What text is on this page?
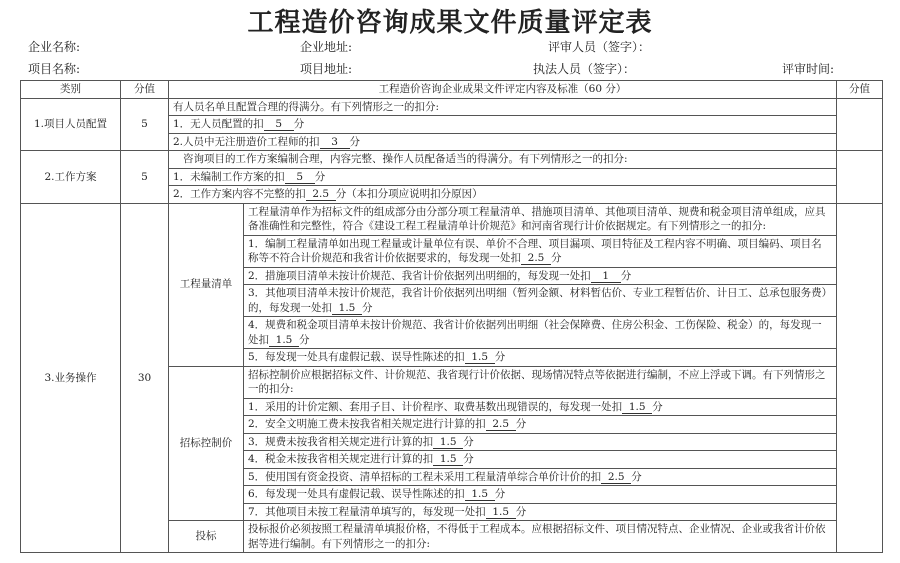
工程造价咨询成果文件质量评定表
企业名称:	企业地址:	评审人员（签字）：
项目名称:	项目地址:	执法人员（签字）：	评审时间:
类别	分值	工程造价咨询企业成果文件评定内容及标准（60 分）		分值
1.项目人员配置	5	有人员名单且配置合理的得满分。有下列情形之一的扣分:		
		1．无人员配置的扣 5 分		
		2.人员中无注册造价工程师的扣 3 分		
2.工作方案	5	咨询项目的工作方案编制合理，内容完整、操作人员配备适当的得满分。有下列情形之一的扣分:		
		1．未编制工作方案的扣 5 分		
		2．工作方案内容不完整的扣 2.5 分（本扣分项应说明扣分原因）		
3.业务操作	30	工程量清单	工程量清单作为招标文件的组成部分由分部分项工程量清单、措施项目清单、其他项目清单、规费和税金项目清单组成，应具备准确性和完整性，符合《建设工程工程量清单计价规范》和河南省现行计价依据规定。有下列情形之一的扣分:	
			1．编制工程量清单如出现工程量或计量单位有误、单价不合理、项目漏项、项目特征及工程内容不明确、项目编码、项目名称等不符合计价规范和我省计价依据要求的，每发现一处扣 2.5 分	
			2．措施项目清单未按计价规范、我省计价依据列出明细的，每发现一处扣 1 分	
			3．其他项目清单未按计价规范，我省计价依据列出明细（暂列金额、材料暂估价、专业工程暂估价、计日工、总承包服务费）的，每发现一处扣 1.5 分	
			4．规费和税金项目清单未按计价规范、我省计价依据列出明细（社会保障费、住房公积金、工伤保险、税金）的，每发现一处扣 1.5 分	
			5．每发现一处具有虚假记载、误导性陈述的扣 1.5 分	
		招标控制价	招标控制价应根据招标文件、计价规范、我省现行计价依据、现场情况特点等依据进行编制，不应上浮或下调。有下列情形之一的扣分:	
			1．采用的计价定额、套用子目、计价程序、取费基数出现错误的，每发现一处扣 1.5 分	
			2．安全文明施工费未按我省相关规定进行计算的扣 2.5 分	
			3．规费未按我省相关规定进行计算的扣 1.5 分	
			4．税金未按我省相关规定进行计算的扣 1.5 分	
			5．使用国有资金投资、清单招标的工程未采用工程量清单综合单价计价的扣 2.5 分	
			6．每发现一处具有虚假记载、误导性陈述的扣 1.5 分	
			7．其他项目未按工程量清单填写的，每发现一处扣 1.5 分	
		投标	投标报价必须按照工程量清单填报价格，不得低于工程成本。应根据招标文件、项目情况特点、企业情况、企业或我省计价依据等进行编制。有下列情形之一的扣分:	
